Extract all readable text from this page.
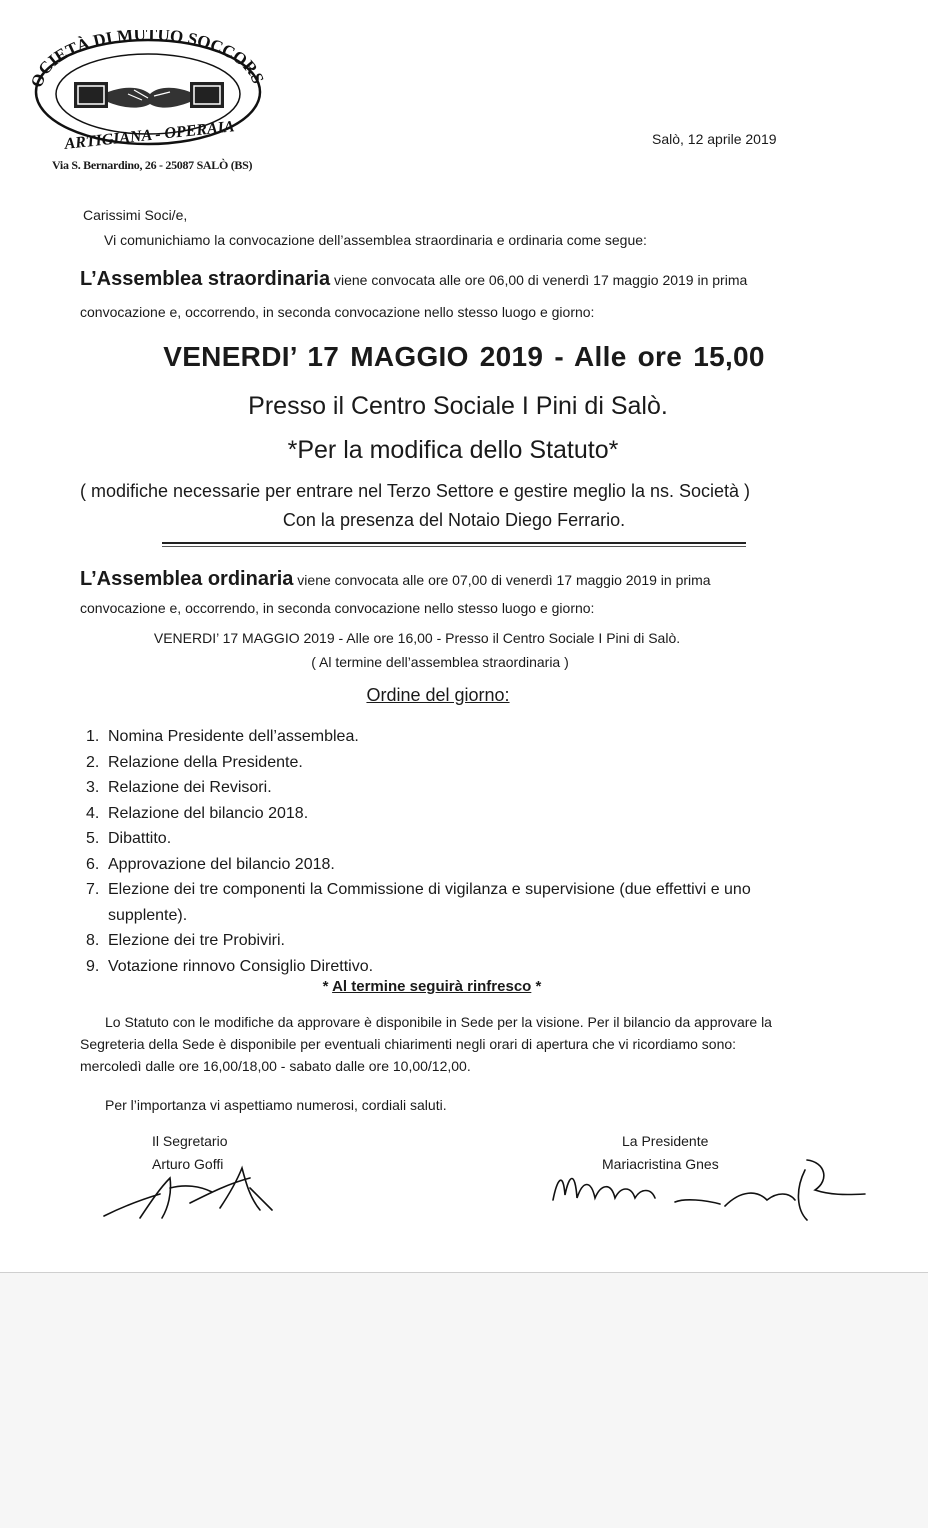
CIETÀ DI MUTUO SOCCORS
ARTIGIANA - OPERAIA
Via S. Bernardino, 26 - 25087 SALÒ (BS)
Salò, 12 aprile 2019
Carissimi Soci/e,
Vi comunichiamo la convocazione dell’assemblea straordinaria e ordinaria come segue:
L’Assemblea straordinaria viene convocata alle ore 06,00 di venerdì 17 maggio 2019 in prima
convocazione e, occorrendo, in seconda convocazione nello stesso luogo e giorno:
VENERDI’ 17 MAGGIO 2019 - Alle ore 15,00
Presso il Centro Sociale I Pini di Salò.
*Per la modifica dello Statuto*
( modifiche necessarie per entrare nel Terzo Settore e gestire meglio la ns. Società )
Con la presenza del Notaio Diego Ferrario.
L’Assemblea ordinaria viene convocata alle ore 07,00 di venerdì 17 maggio 2019 in prima
convocazione e, occorrendo, in seconda convocazione nello stesso luogo e giorno:
VENERDI’ 17 MAGGIO 2019 - Alle ore 16,00 - Presso il Centro Sociale I Pini di Salò.
( Al termine dell’assemblea straordinaria )
Ordine del giorno:
1. Nomina Presidente dell’assemblea.
2. Relazione della Presidente.
3. Relazione dei Revisori.
4. Relazione del bilancio 2018.
5. Dibattito.
6. Approvazione del bilancio 2018.
7. Elezione dei tre componenti la Commissione di vigilanza e supervisione (due effettivi e uno supplente).
8. Elezione dei tre Probiviri.
9. Votazione rinnovo Consiglio Direttivo.
* Al termine seguirà rinfresco *
Lo Statuto con le modifiche da approvare è disponibile in Sede per la visione. Per il bilancio da approvare la Segreteria della Sede è disponibile per eventuali chiarimenti negli orari di apertura che vi ricordiamo sono: mercoledì dalle ore 16,00/18,00 - sabato dalle ore 10,00/12,00.
Per l’importanza vi aspettiamo numerosi, cordiali saluti.
Il Segretario
Arturo Goffi
La Presidente
Mariacristina Gnes
